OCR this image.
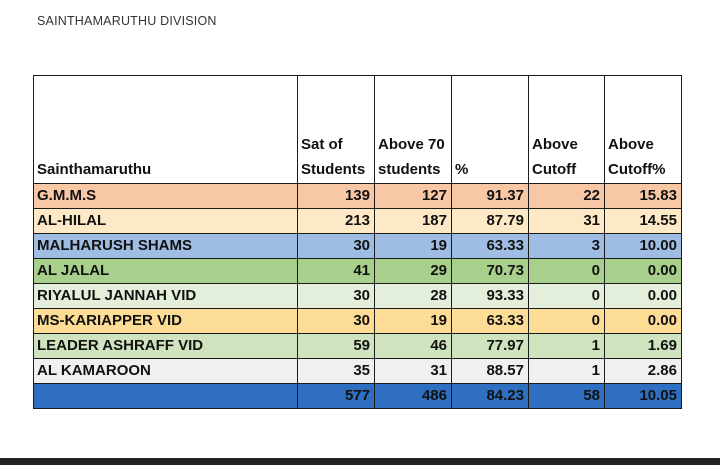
SAINTHAMARUTHU DIVISION
Sainthamaruthu	Sat of Students	Above 70 students	%	Above Cutoff	Above Cutoff%
G.M.M.S	139	127	91.37	22	15.83
AL-HILAL	213	187	87.79	31	14.55
MALHARUSH SHAMS	30	19	63.33	3	10.00
AL JALAL	41	29	70.73	0	0.00
RIYALUL JANNAH VID	30	28	93.33	0	0.00
MS-KARIAPPER VID	30	19	63.33	0	0.00
LEADER ASHRAFF VID	59	46	77.97	1	1.69
AL KAMAROON	35	31	88.57	1	2.86
	577	486	84.23	58	10.05
